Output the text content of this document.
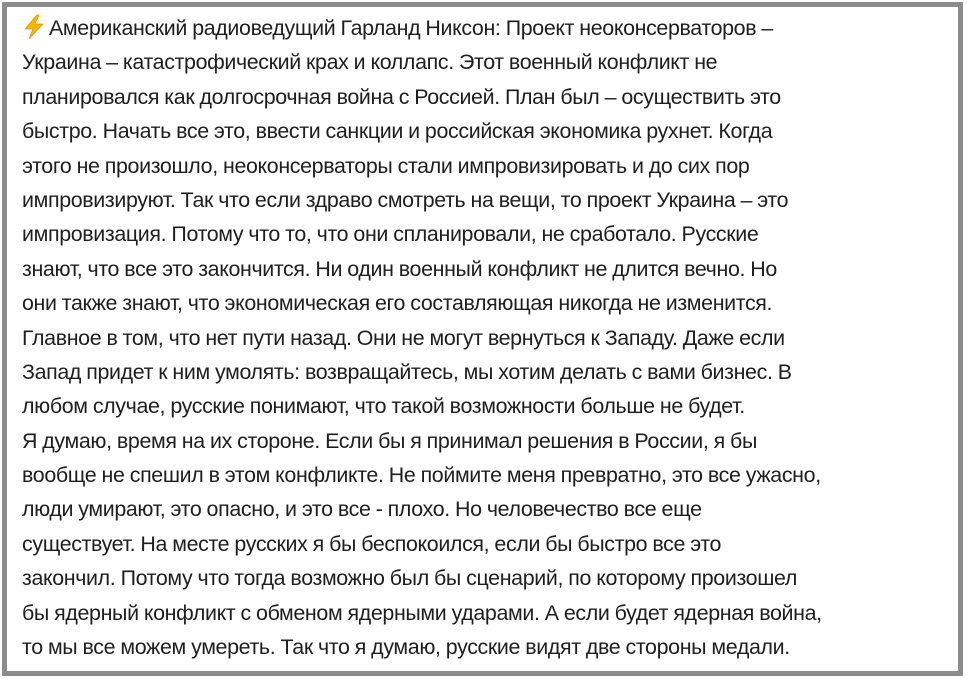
Американский радиоведущий Гарланд Никсон: Проект неоконсерваторов –
Украина – катастрофический крах и коллапс. Этот военный конфликт не
планировался как долгосрочная война с Россией. План был – осуществить это
быстро. Начать все это, ввести санкции и российская экономика рухнет. Когда
этого не произошло, неоконсерваторы стали импровизировать и до сих пор
импровизируют. Так что если здраво смотреть на вещи, то проект Украина – это
импровизация. Потому что то, что они спланировали, не сработало. Русские
знают, что все это закончится. Ни один военный конфликт не длится вечно. Но
они также знают, что экономическая его составляющая никогда не изменится.
Главное в том, что нет пути назад. Они не могут вернуться к Западу. Даже если
Запад придет к ним умолять: возвращайтесь, мы хотим делать с вами бизнес. В
любом случае, русские понимают, что такой возможности больше не будет.
Я думаю, время на их стороне. Если бы я принимал решения в России, я бы
вообще не спешил в этом конфликте. Не поймите меня превратно, это все ужасно,
люди умирают, это опасно, и это все - плохо. Но человечество все еще
существует. На месте русских я бы беспокоился, если бы быстро все это
закончил. Потому что тогда возможно был бы сценарий, по которому произошел
бы ядерный конфликт с обменом ядерными ударами. А если будет ядерная война,
то мы все можем умереть. Так что я думаю, русские видят две стороны медали.
